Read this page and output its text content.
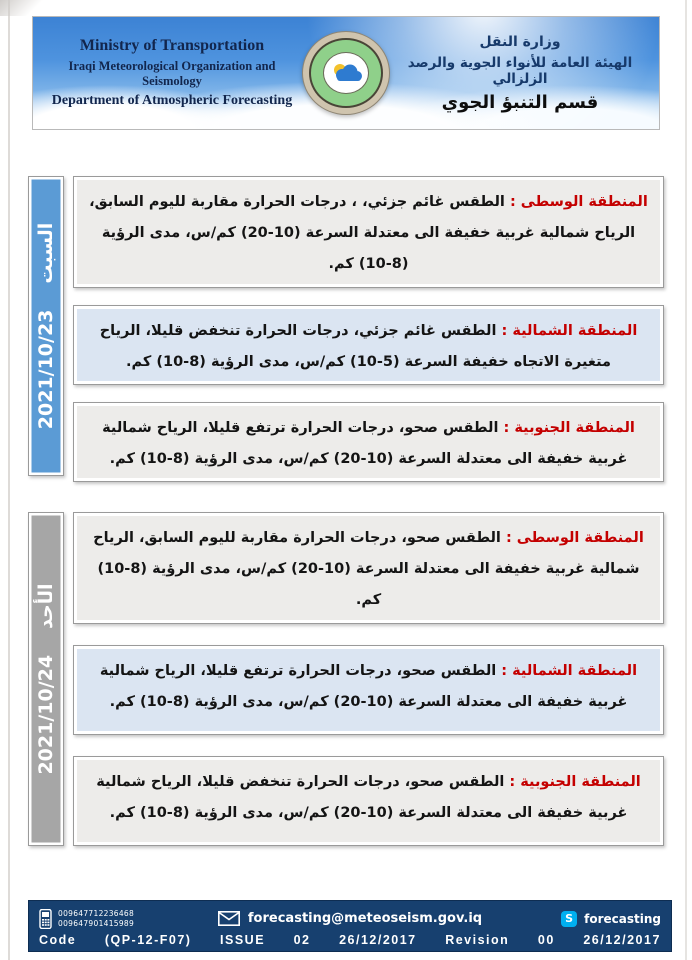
Ministry of Transportation
Iraqi Meteorological Organization and Seismology
Department of Atmospheric Forecasting
وزارة النقل
الهيئة العامة للأنواء الجوية والرصد الزلزالي
قسم التنبؤ الجوي
السبت2021/10/23
المنطقة الوسطى : الطقس غائم جزئي، ، درجات الحرارة مقاربة لليوم السابق، الرياح شمالية غربية خفيفة الى معتدلة السرعة (10-20) كم/س، مدى الرؤية (8-10) كم.
المنطقة الشمالية : الطقس غائم جزئي، درجات الحرارة تنخفض قليلا، الرياح متغيرة الاتجاه خفيفة السرعة (5-10) كم/س، مدى الرؤية (8-10) كم.
المنطقة الجنوبية : الطقس صحو، درجات الحرارة ترتفع قليلا، الرياح شمالية غربية خفيفة الى معتدلة السرعة (10-20) كم/س، مدى الرؤية (8-10) كم.
الأحد2021/10/24
المنطقة الوسطى : الطقس صحو، درجات الحرارة مقاربة لليوم السابق، الرياح شمالية غربية خفيفة الى معتدلة السرعة (10-20) كم/س، مدى الرؤية (8-10) كم.
المنطقة الشمالية : الطقس صحو، درجات الحرارة ترتفع قليلا، الرياح شمالية غربية خفيفة الى معتدلة السرعة (10-20) كم/س، مدى الرؤية (8-10) كم.
المنطقة الجنوبية : الطقس صحو، درجات الحرارة تنخفض قليلا، الرياح شمالية غربية خفيفة الى معتدلة السرعة (10-20) كم/س، مدى الرؤية (8-10) كم.
009647712236468
009647901415989	forecasting@meteoseism.gov.iq	S forecasting
Code (QP-12-F07) ISSUE 02 26/12/2017 Revision 00 26/12/2017
